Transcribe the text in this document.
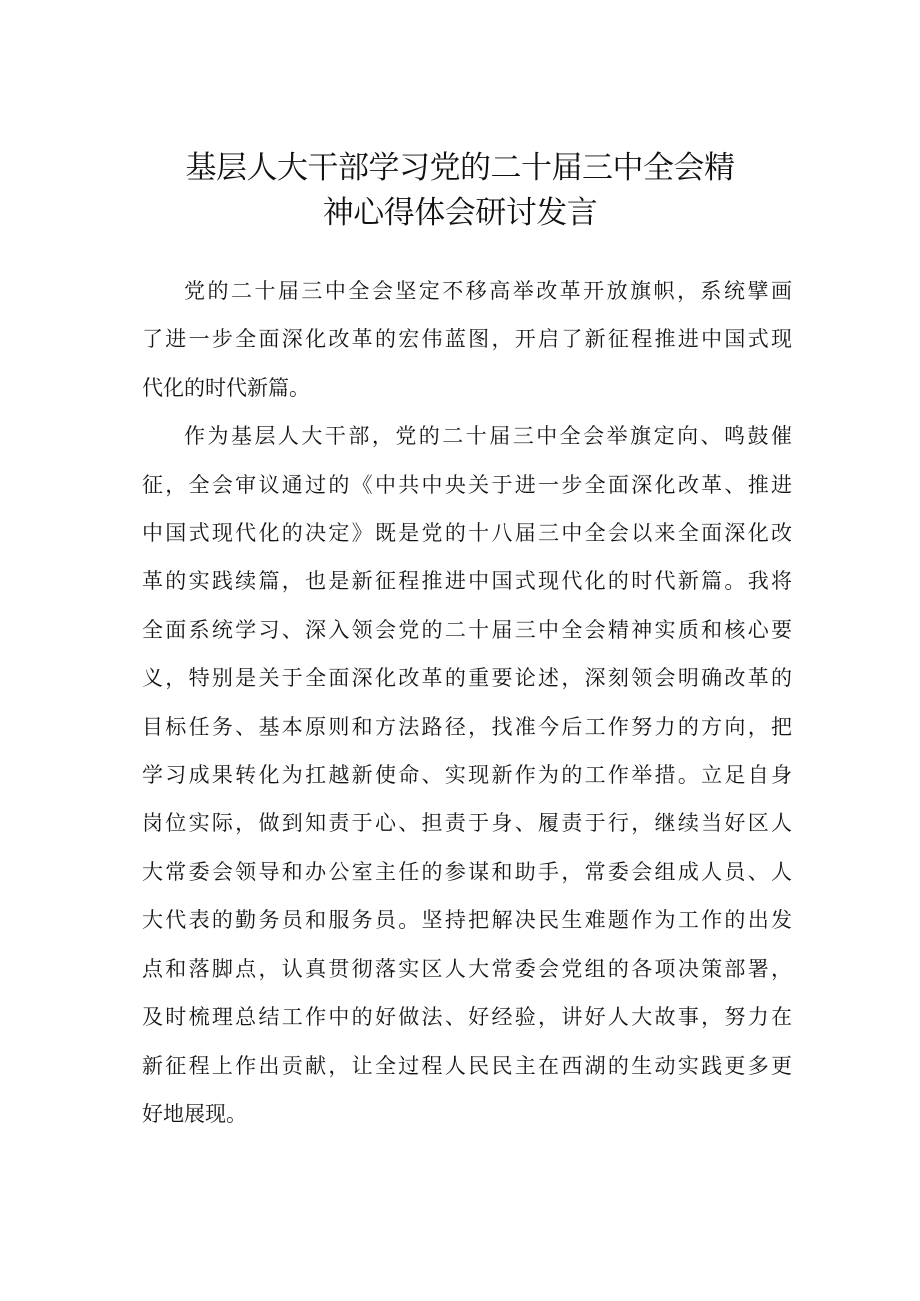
基层人大干部学习党的二十届三中全会精
神心得体会研讨发言

党的二十届三中全会坚定不移高举改革开放旗帜，系统擘画
了进一步全面深化改革的宏伟蓝图，开启了新征程推进中国式现
代化的时代新篇。

作为基层人大干部，党的二十届三中全会举旗定向、鸣鼓催
征，全会审议通过的《中共中央关于进一步全面深化改革、推进
中国式现代化的决定》既是党的十八届三中全会以来全面深化改
革的实践续篇，也是新征程推进中国式现代化的时代新篇。我将
全面系统学习、深入领会党的二十届三中全会精神实质和核心要
义，特别是关于全面深化改革的重要论述，深刻领会明确改革的
目标任务、基本原则和方法路径，找准今后工作努力的方向，把
学习成果转化为扛越新使命、实现新作为的工作举措。立足自身
岗位实际，做到知责于心、担责于身、履责于行，继续当好区人
大常委会领导和办公室主任的参谋和助手，常委会组成人员、人
大代表的勤务员和服务员。坚持把解决民生难题作为工作的出发
点和落脚点，认真贯彻落实区人大常委会党组的各项决策部署，
及时梳理总结工作中的好做法、好经验，讲好人大故事，努力在
新征程上作出贡献，让全过程人民民主在西湖的生动实践更多更
好地展现。
